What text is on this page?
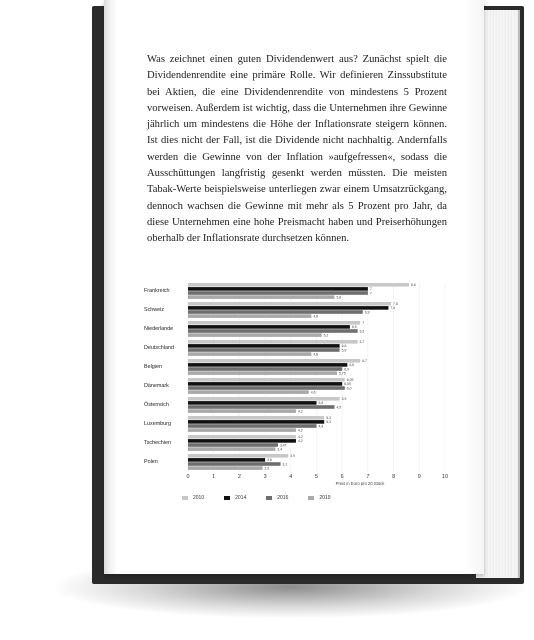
Was zeichnet einen guten Dividendenwert aus? Zunächst spielt die Dividendenrendite eine primäre Rolle. Wir definieren Zinssubstitute bei Aktien, die eine Dividendenrendite von mindestens 5 Prozent vorweisen. Außerdem ist wichtig, dass die Unternehmen ihre Gewinne jährlich um mindestens die Höhe der Inflationsrate steigern können. Ist dies nicht der Fall, ist die Dividende nicht nachhaltig. Andernfalls werden die Gewinne von der Inflation »aufgefressen«, sodass die Ausschüttungen langfristig gesenkt werden müssten. Die meisten Tabak-Werte beispielsweise unterliegen zwar einem Umsatzrückgang, dennoch wachsen die Gewinne mit mehr als 5 Prozent pro Jahr, da diese Unternehmen eine hohe Preismacht haben und Preiserhöhungen oberhalb der Inflationsrate durchsetzen können.

Frankreich
Schweiz
Niederlande
Deutschland
Belgien
Dänemark
Österreich
Luxemburg
Tschechien
Polen
0	1	2	3	4	5	6	7	8	9	10
8,6
7
7
5,6
7,8
7,6
6,9
4,8
7
6,5
6,3
5,2
6,7
6,6
5,9
4,8
6,7
6,6
6,0
5,75
6,09
6,05
6,0
4,6
5,9
5,8
4,5
4,2
5,3
5,3
4,8
4,2
4,2
4,2
3,47
3,4
3,9
3,8
3,1
2,9
Preis in Euro pro 20 Stück
2010	2014	2016	2019
